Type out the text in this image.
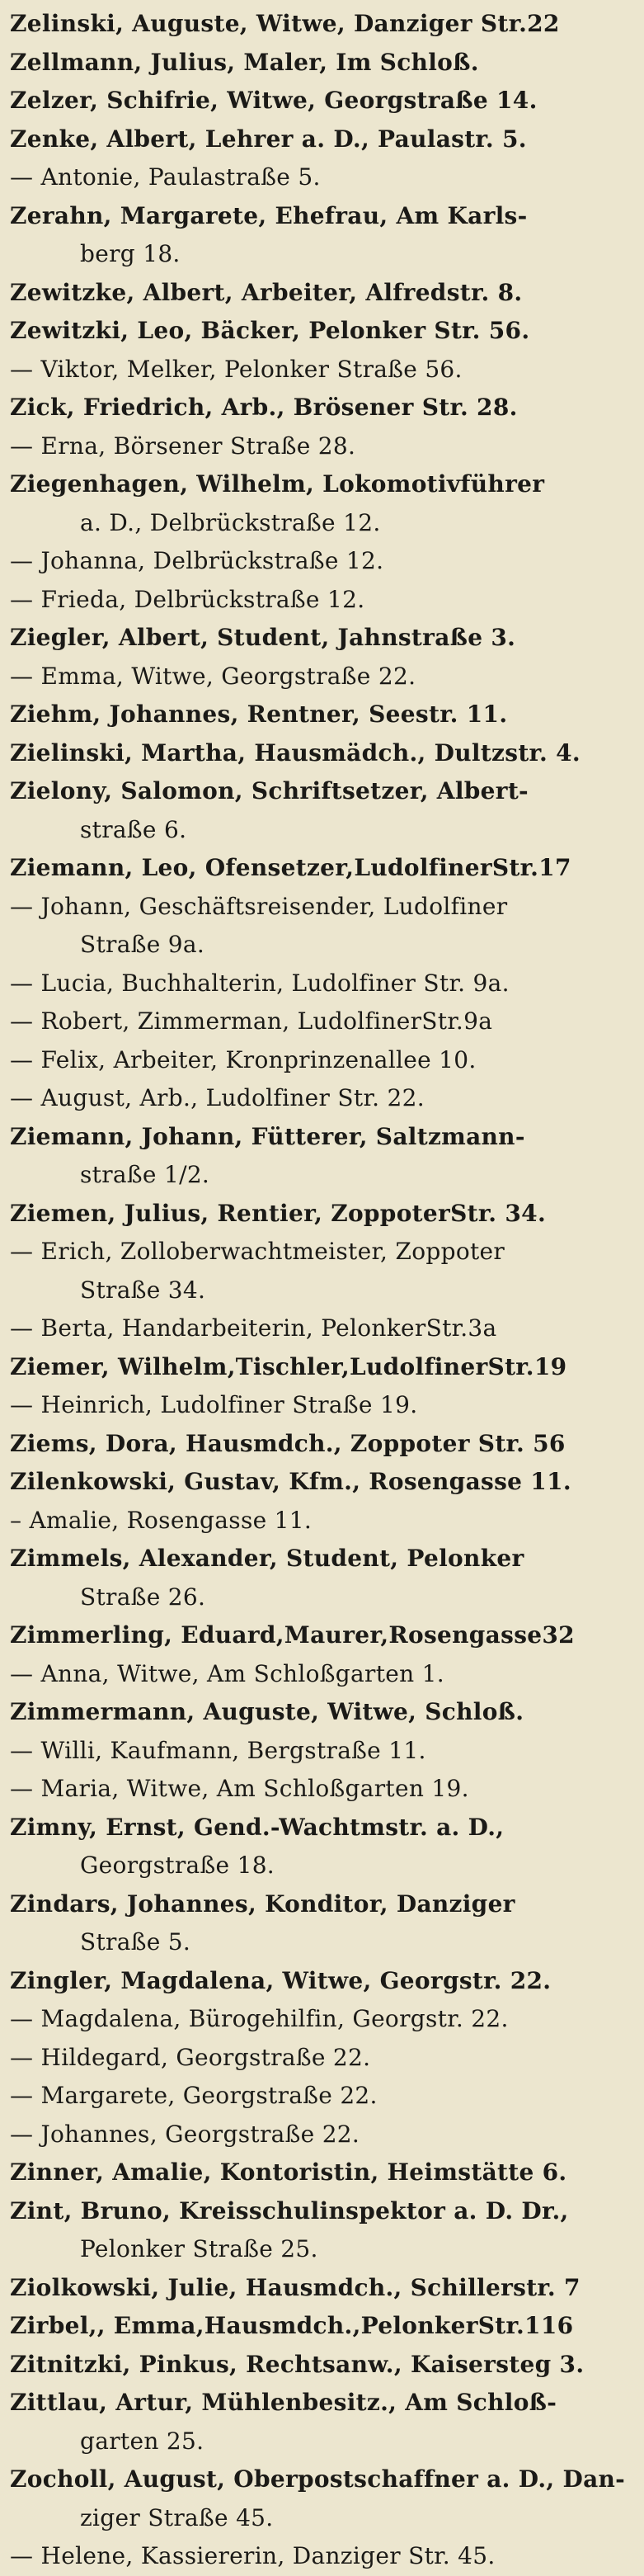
Zelinski, Auguste, Witwe, Danziger Str.22
Zellmann, Julius, Maler, Im Schloß.
Zelzer, Schifrie, Witwe, Georgstraße 14.
Zenke, Albert, Lehrer a. D., Paulastr. 5.
— Antonie, Paulastraße 5.
Zerahn, Margarete, Ehefrau, Am Karls-
berg 18.
Zewitzke, Albert, Arbeiter, Alfredstr. 8.
Zewitzki, Leo, Bäcker, Pelonker Str. 56.
— Viktor, Melker, Pelonker Straße 56.
Zick, Friedrich, Arb., Brösener Str. 28.
— Erna, Börsener Straße 28.
Ziegenhagen, Wilhelm, Lokomotivführer
a. D., Delbrückstraße 12.
— Johanna, Delbrückstraße 12.
— Frieda, Delbrückstraße 12.
Ziegler, Albert, Student, Jahnstraße 3.
— Emma, Witwe, Georgstraße 22.
Ziehm, Johannes, Rentner, Seestr. 11.
Zielinski, Martha, Hausmädch., Dultzstr. 4.
Zielony, Salomon, Schriftsetzer, Albert-
straße 6.
Ziemann, Leo, Ofensetzer,LudolfinerStr.17
— Johann, Geschäftsreisender, Ludolfiner
Straße 9a.
— Lucia, Buchhalterin, Ludolfiner Str. 9a.
— Robert, Zimmerman, LudolfinerStr.9a
— Felix, Arbeiter, Kronprinzenallee 10.
— August, Arb., Ludolfiner Str. 22.
Ziemann, Johann, Fütterer, Saltzmann-
straße 1/2.
Ziemen, Julius, Rentier, ZoppoterStr. 34.
— Erich, Zolloberwachtmeister, Zoppoter
Straße 34.
— Berta, Handarbeiterin, PelonkerStr.3a
Ziemer, Wilhelm,Tischler,LudolfinerStr.19
— Heinrich, Ludolfiner Straße 19.
Ziems, Dora, Hausmdch., Zoppoter Str. 56
Zilenkowski, Gustav, Kfm., Rosengasse 11.
– Amalie, Rosengasse 11.
Zimmels, Alexander, Student, Pelonker
Straße 26.
Zimmerling, Eduard,Maurer,Rosengasse32
— Anna, Witwe, Am Schloßgarten 1.
Zimmermann, Auguste, Witwe, Schloß.
— Willi, Kaufmann, Bergstraße 11.
— Maria, Witwe, Am Schloßgarten 19.
Zimny, Ernst, Gend.-Wachtmstr. a. D.,
Georgstraße 18.
Zindars, Johannes, Konditor, Danziger
Straße 5.
Zingler, Magdalena, Witwe, Georgstr. 22.
— Magdalena, Bürogehilfin, Georgstr. 22.
— Hildegard, Georgstraße 22.
— Margarete, Georgstraße 22.
— Johannes, Georgstraße 22.
Zinner, Amalie, Kontoristin, Heimstätte 6.
Zint, Bruno, Kreisschulinspektor a. D. Dr.,
Pelonker Straße 25.
Ziolkowski, Julie, Hausmdch., Schillerstr. 7
Zirbel,, Emma,Hausmdch.,PelonkerStr.116
Zitnitzki, Pinkus, Rechtsanw., Kaisersteg 3.
Zittlau, Artur, Mühlenbesitz., Am Schloß-
garten 25.
Zocholl, August, Oberpostschaffner a. D., Dan-
ziger Straße 45.
— Helene, Kassiererin, Danziger Str. 45.
